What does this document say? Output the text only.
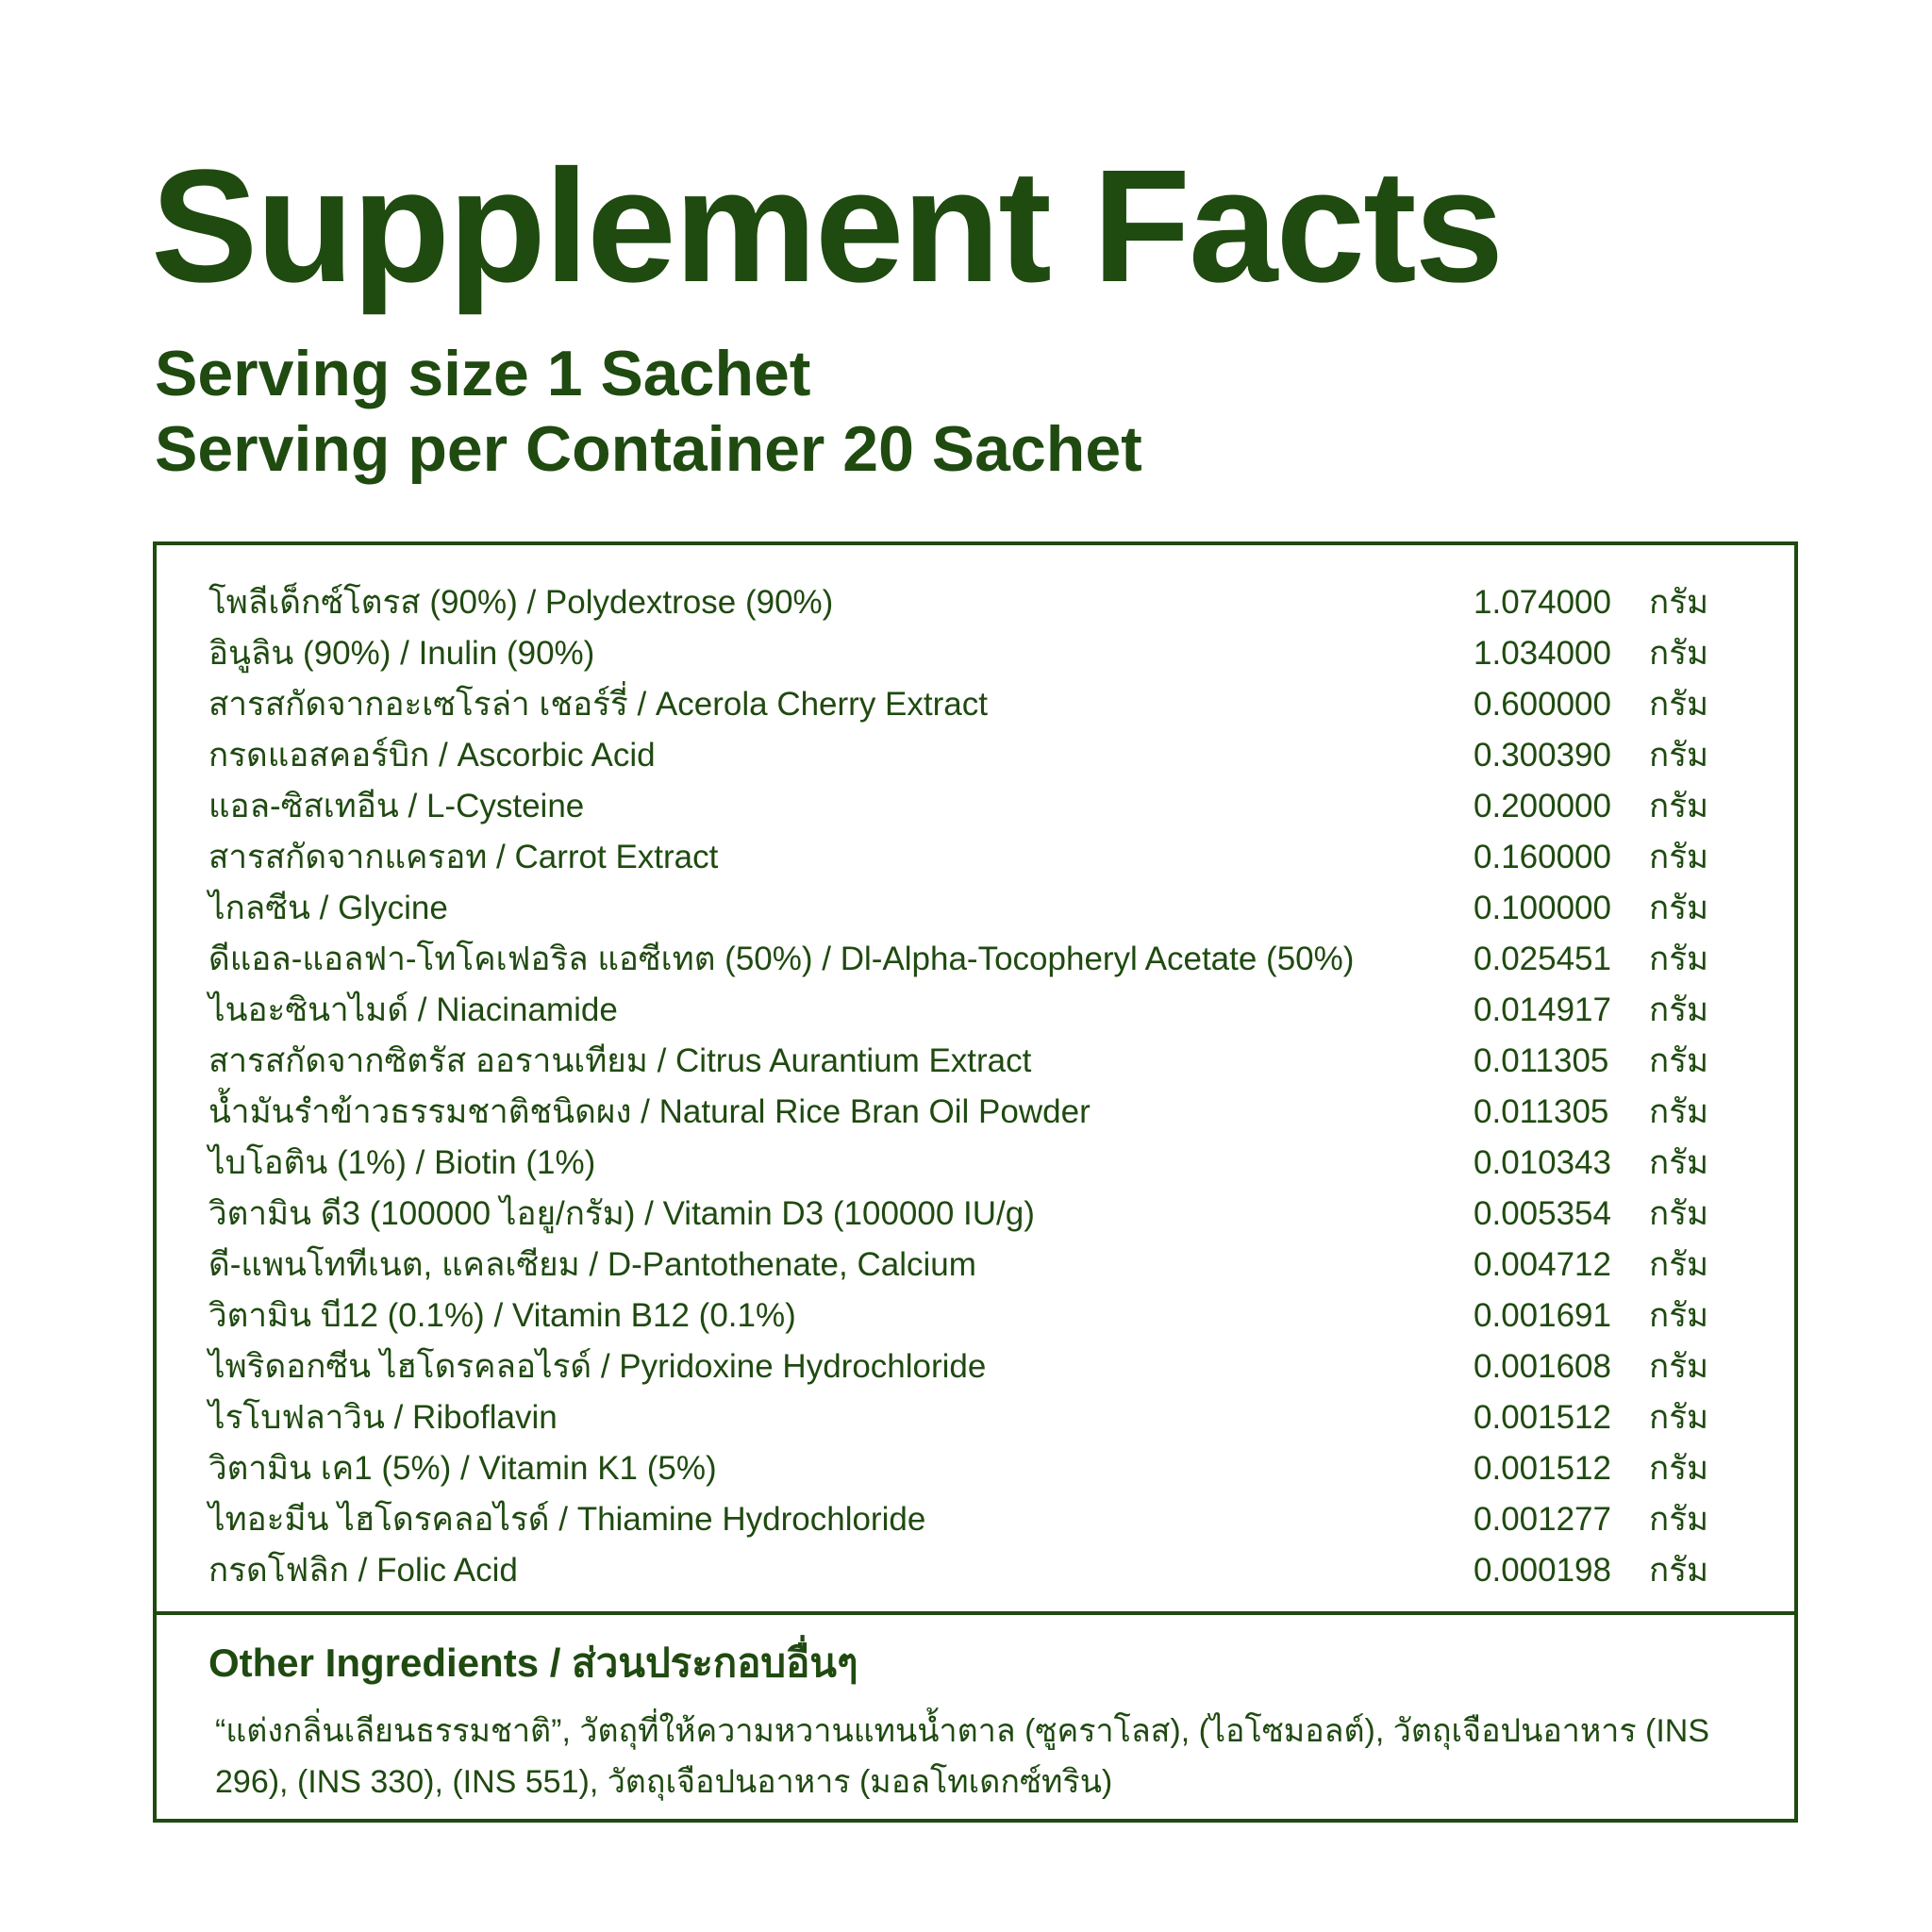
Supplement Facts
Serving size 1 Sachet
Serving per Container 20 Sachet
โพลีเด็กซ์โตรส (90%) / Polydextrose (90%)	1.074000 กรัม
อินูลิน (90%) / Inulin (90%)	1.034000 กรัม
สารสกัดจากอะเซโรล่า เชอร์รี่ / Acerola Cherry Extract	0.600000 กรัม
กรดแอสคอร์บิก / Ascorbic Acid	0.300390 กรัม
แอล-ซิสเทอีน / L-Cysteine	0.200000 กรัม
สารสกัดจากแครอท / Carrot Extract	0.160000 กรัม
ไกลซีน / Glycine	0.100000 กรัม
ดีแอล-แอลฟา-โทโคเฟอริล แอซีเทต (50%) / Dl-Alpha-Tocopheryl Acetate (50%)	0.025451 กรัม
ไนอะซินาไมด์ / Niacinamide	0.014917 กรัม
สารสกัดจากซิตรัส ออรานเทียม / Citrus Aurantium Extract	0.011305 กรัม
น้ำมันรำข้าวธรรมชาติชนิดผง / Natural Rice Bran Oil Powder	0.011305 กรัม
ไบโอติน (1%) / Biotin (1%)	0.010343 กรัม
วิตามิน ดี3 (100000 ไอยู/กรัม) / Vitamin D3 (100000 IU/g)	0.005354 กรัม
ดี-แพนโททีเนต, แคลเซียม / D-Pantothenate, Calcium	0.004712 กรัม
วิตามิน บี12 (0.1%) / Vitamin B12 (0.1%)	0.001691 กรัม
ไพริดอกซีน ไฮโดรคลอไรด์ / Pyridoxine Hydrochloride	0.001608 กรัม
ไรโบฟลาวิน / Riboflavin	0.001512 กรัม
วิตามิน เค1 (5%) / Vitamin K1 (5%)	0.001512 กรัม
ไทอะมีน ไฮโดรคลอไรด์ / Thiamine Hydrochloride	0.001277 กรัม
กรดโฟลิก / Folic Acid	0.000198 กรัม
Other Ingredients / ส่วนประกอบอื่นๆ
“แต่งกลิ่นเลียนธรรมชาติ”, วัตถุที่ให้ความหวานแทนน้ำตาล (ซูคราโลส), (ไอโซมอลต์), วัตถุเจือปนอาหาร (INS 296), (INS 330), (INS 551), วัตถุเจือปนอาหาร (มอลโทเดกซ์ทริน)
